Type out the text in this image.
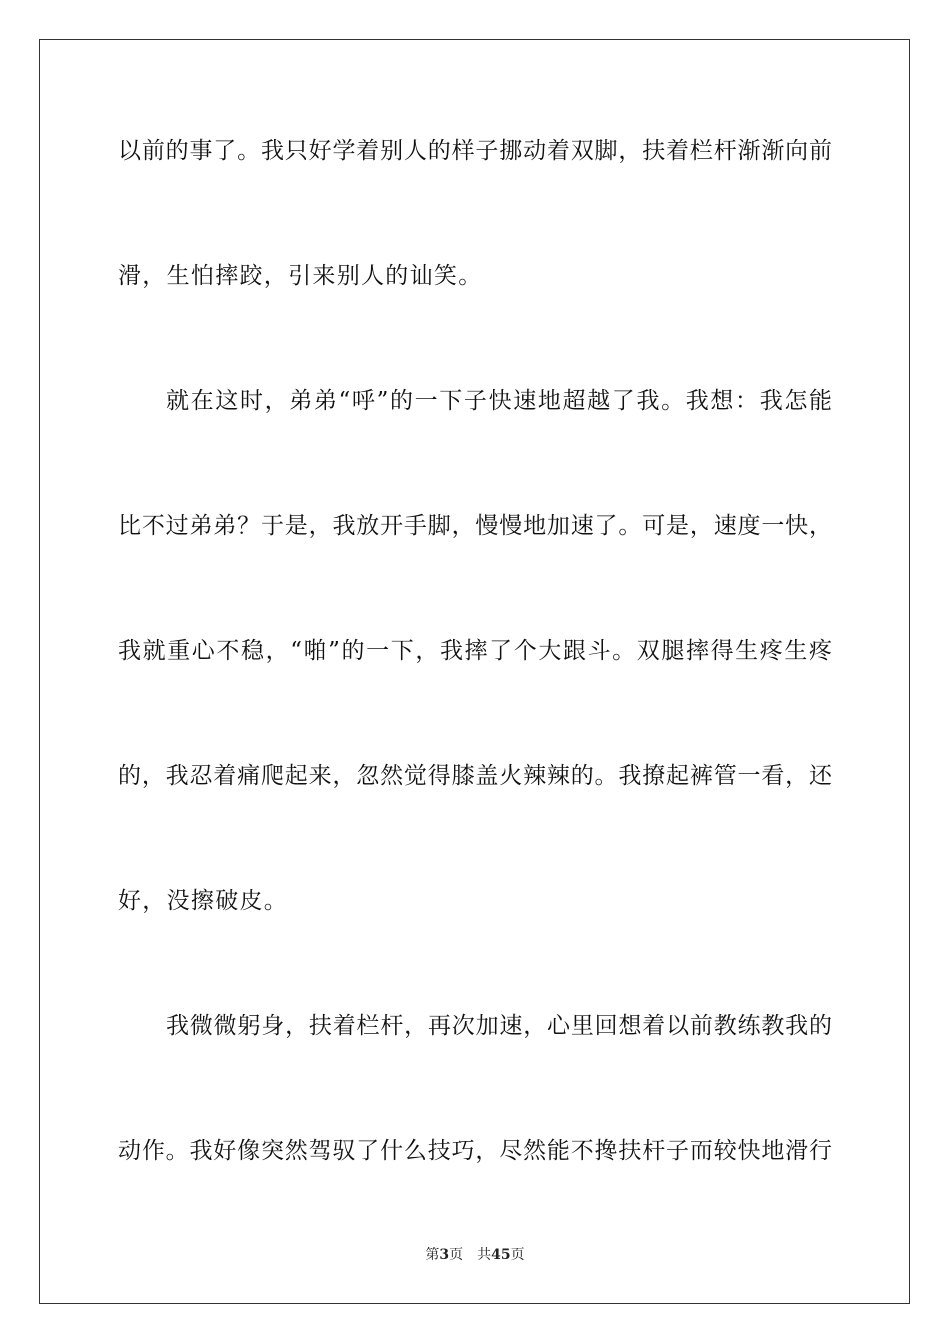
以前的事了。我只好学着别人的样子挪动着双脚，扶着栏杆渐渐向前
滑，生怕摔跤，引来别人的讪笑。
就在这时，弟弟“呼”的一下子快速地超越了我。我想：我怎能
比不过弟弟？于是，我放开手脚，慢慢地加速了。可是，速度一快，
我就重心不稳，“啪”的一下，我摔了个大跟斗。双腿摔得生疼生疼
的，我忍着痛爬起来，忽然觉得膝盖火辣辣的。我撩起裤管一看，还
好，没擦破皮。
我微微躬身，扶着栏杆，再次加速，心里回想着以前教练教我的
动作。我好像突然驾驭了什么技巧，尽然能不搀扶杆子而较快地滑行
第3页 共45页
